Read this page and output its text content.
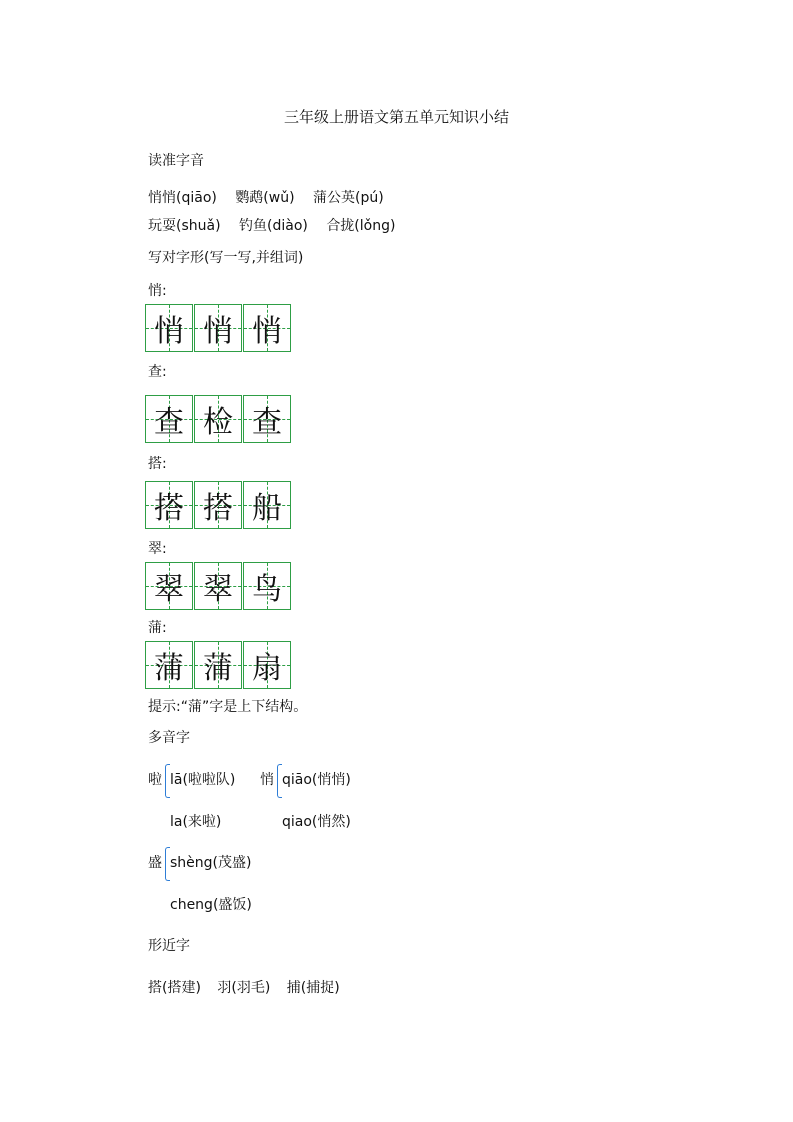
三年级上册语文第五单元知识小结
读准字音
悄悄(qiāo) 鹦鹉(wǔ) 蒲公英(pú)
玩耍(shuǎ) 钓鱼(diào) 合拢(lǒng)
写对字形(写一写,并组词)
悄:
悄 悄 悄
查:
查 检 查
搭:
搭 搭 船
翠:
翠 翠 鸟
蒲:
蒲 蒲 扇
提示:“蒲”字是上下结构。
多音字
啦 lā(啦啦队)
la(来啦)
悄 qiāo(悄悄)
qiao(悄然)
盛 shèng(茂盛)
cheng(盛饭)
形近字
搭(搭建) 羽(羽毛) 捕(捕捉)
